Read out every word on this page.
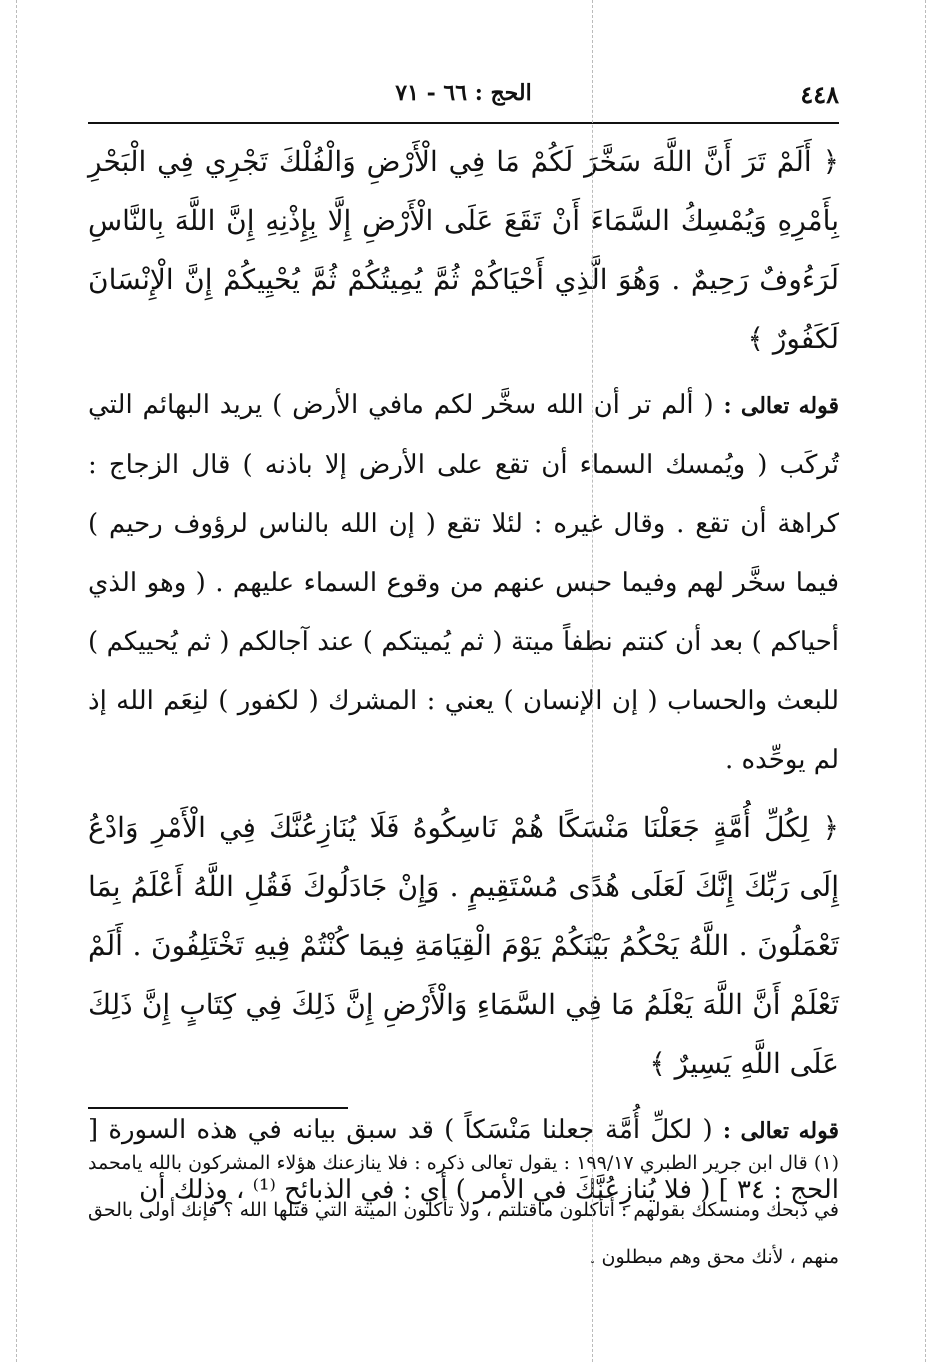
٤٤٨
الحج : ٦٦ - ٧١

﴿ أَلَمْ تَرَ أَنَّ اللَّهَ سَخَّرَ لَكُمْ مَا فِي الْأَرْضِ وَالْفُلْكَ تَجْرِي فِي الْبَحْرِ بِأَمْرِهِ وَيُمْسِكُ السَّمَاءَ أَنْ تَقَعَ عَلَى الْأَرْضِ إِلَّا بِإِذْنِهِ إِنَّ اللَّهَ بِالنَّاسِ لَرَءُوفٌ رَحِيمٌ . وَهُوَ الَّذِي أَحْيَاكُمْ ثُمَّ يُمِيتُكُمْ ثُمَّ يُحْيِيكُمْ إِنَّ الْإِنْسَانَ لَكَفُورٌ ﴾

قوله تعالى : ( ألم تر أن الله سخَّر لكم مافي الأرض ) يريد البهائم التي تُركَب ( ويُمسك السماء أن تقع على الأرض إلا باذنه ) قال الزجاج : كراهة أن تقع . وقال غيره : لئلا تقع ( إن الله بالناس لرؤوف رحيم ) فيما سخَّر لهم وفيما حبس عنهم من وقوع السماء عليهم . ( وهو الذي أحياكم ) بعد أن كنتم نطفاً ميتة ( ثم يُميتكم ) عند آجالكم ( ثم يُحييكم ) للبعث والحساب ( إن الإنسان ) يعني : المشرك ( لكفور ) لنِعَم الله إذ لم يوحِّده .

﴿ لِكُلِّ أُمَّةٍ جَعَلْنَا مَنْسَكًا هُمْ نَاسِكُوهُ فَلَا يُنَازِعُنَّكَ فِي الْأَمْرِ وَادْعُ إِلَى رَبِّكَ إِنَّكَ لَعَلَى هُدًى مُسْتَقِيمٍ . وَإِنْ جَادَلُوكَ فَقُلِ اللَّهُ أَعْلَمُ بِمَا تَعْمَلُونَ . اللَّهُ يَحْكُمُ بَيْنَكُمْ يَوْمَ الْقِيَامَةِ فِيمَا كُنْتُمْ فِيهِ تَخْتَلِفُونَ . أَلَمْ تَعْلَمْ أَنَّ اللَّهَ يَعْلَمُ مَا فِي السَّمَاءِ وَالْأَرْضِ إِنَّ ذَلِكَ فِي كِتَابٍ إِنَّ ذَلِكَ عَلَى اللَّهِ يَسِيرٌ ﴾

قوله تعالى : ( لكلِّ أُمَّة جعلنا مَنْسَكاً ) قد سبق بيانه في هذه السورة [ الحج : ٣٤ ] ( فلا يُنازِعُنَّكَ في الأمر ) أي : في الذبائح ⁽¹⁾ ، وذلك أن

(١) قال ابن جرير الطبري ١٩٩/١٧ : يقول تعالى ذكره : فلا ينازعنك هؤلاء المشركون بالله يامحمد في ذبحك ومنسكك بقولهم : أتأكلون ماقتلتم ، ولا تأكلون الميتة التي قتلها الله ؟ فإنك أولى بالحق منهم ، لأنك محق وهم مبطلون .
